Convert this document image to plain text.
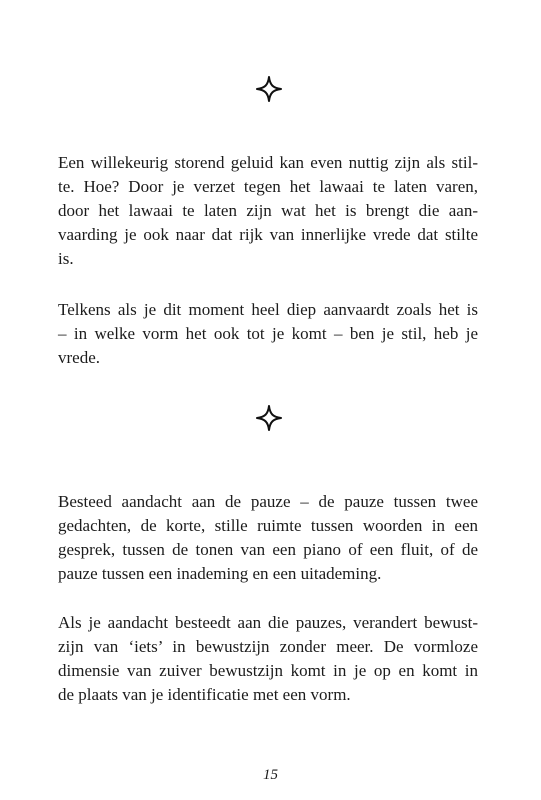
Een willekeurig storend geluid kan even nuttig zijn als stil-
te. Hoe? Door je verzet tegen het lawaai te laten varen,
door het lawaai te laten zijn wat het is brengt die aan-
vaarding je ook naar dat rijk van innerlijke vrede dat stilte
is.

Telkens als je dit moment heel diep aanvaardt zoals het is
– in welke vorm het ook tot je komt – ben je stil, heb je
vrede.

Besteed aandacht aan de pauze – de pauze tussen twee
gedachten, de korte, stille ruimte tussen woorden in een
gesprek, tussen de tonen van een piano of een fluit, of de
pauze tussen een inademing en een uitademing.

Als je aandacht besteedt aan die pauzes, verandert bewust-
zijn van ‘iets’ in bewustzijn zonder meer. De vormloze
dimensie van zuiver bewustzijn komt in je op en komt in
de plaats van je identificatie met een vorm.

15
